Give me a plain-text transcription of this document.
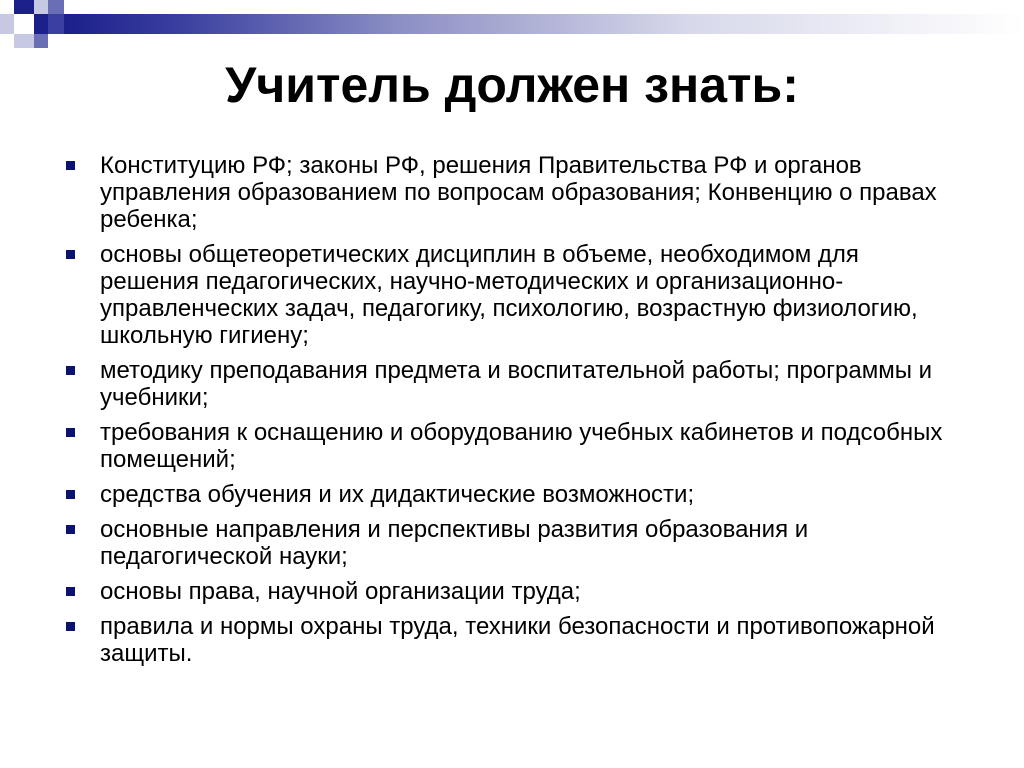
Учитель должен знать:
Конституцию РФ; законы РФ, решения Правительства РФ и органов управления образованием по вопросам образования; Конвенцию о правах ребенка;
основы общетеоретических дисциплин в объеме, необходимом для решения педагогических, научно-методических и организационно-управленческих задач, педагогику, психологию, возрастную физиологию, школьную гигиену;
методику преподавания предмета и воспитательной работы; программы и учебники;
требования к оснащению и оборудованию учебных кабинетов и подсобных помещений;
средства обучения и их дидактические возможности;
основные направления и перспективы развития образования и педагогической науки;
основы права, научной организации труда;
правила и нормы охраны труда, техники безопасности и противопожарной защиты.
